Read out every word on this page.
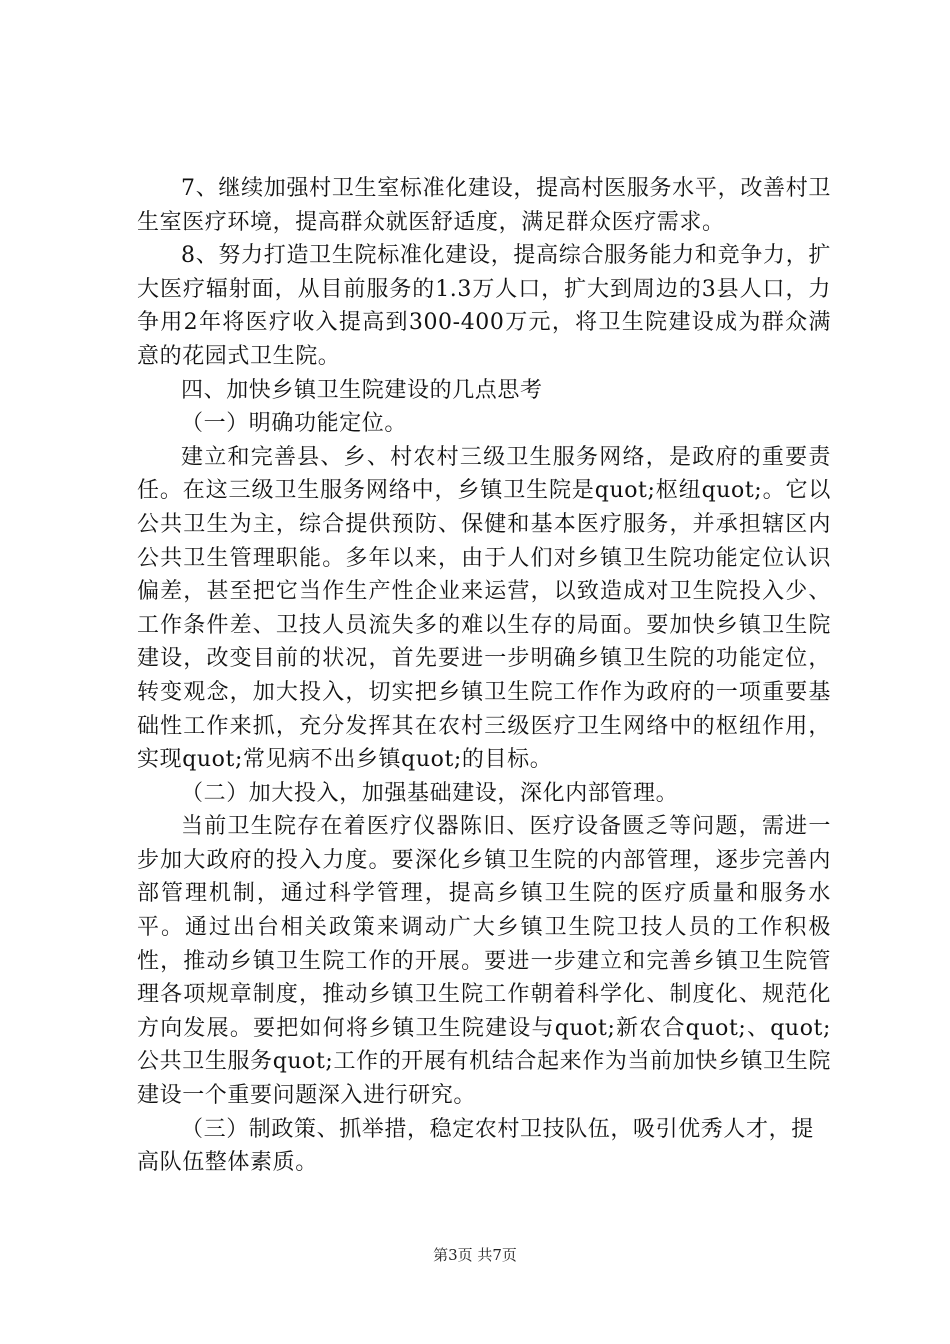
7、继续加强村卫生室标准化建设，提高村医服务水平，改善村卫生室医疗环境，提高群众就医舒适度，满足群众医疗需求。

8、努力打造卫生院标准化建设，提高综合服务能力和竞争力，扩大医疗辐射面，从目前服务的1.3万人口，扩大到周边的3县人口，力争用2年将医疗收入提高到300-400万元，将卫生院建设成为群众满意的花园式卫生院。

四、加快乡镇卫生院建设的几点思考

（一）明确功能定位。

建立和完善县、乡、村农村三级卫生服务网络，是政府的重要责任。在这三级卫生服务网络中，乡镇卫生院是quot;枢纽quot;。它以公共卫生为主，综合提供预防、保健和基本医疗服务，并承担辖区内公共卫生管理职能。多年以来，由于人们对乡镇卫生院功能定位认识偏差，甚至把它当作生产性企业来运营，以致造成对卫生院投入少、工作条件差、卫技人员流失多的难以生存的局面。要加快乡镇卫生院建设，改变目前的状况，首先要进一步明确乡镇卫生院的功能定位，转变观念，加大投入，切实把乡镇卫生院工作作为政府的一项重要基础性工作来抓，充分发挥其在农村三级医疗卫生网络中的枢纽作用，实现quot;常见病不出乡镇quot;的目标。

（二）加大投入，加强基础建设，深化内部管理。

当前卫生院存在着医疗仪器陈旧、医疗设备匮乏等问题，需进一步加大政府的投入力度。要深化乡镇卫生院的内部管理，逐步完善内部管理机制，通过科学管理，提高乡镇卫生院的医疗质量和服务水平。通过出台相关政策来调动广大乡镇卫生院卫技人员的工作积极性，推动乡镇卫生院工作的开展。要进一步建立和完善乡镇卫生院管理各项规章制度，推动乡镇卫生院工作朝着科学化、制度化、规范化方向发展。要把如何将乡镇卫生院建设与quot;新农合quot;、quot;公共卫生服务quot;工作的开展有机结合起来作为当前加快乡镇卫生院建设一个重要问题深入进行研究。

（三）制政策、抓举措，稳定农村卫技队伍，吸引优秀人才，提高队伍整体素质。

第3页 共7页
